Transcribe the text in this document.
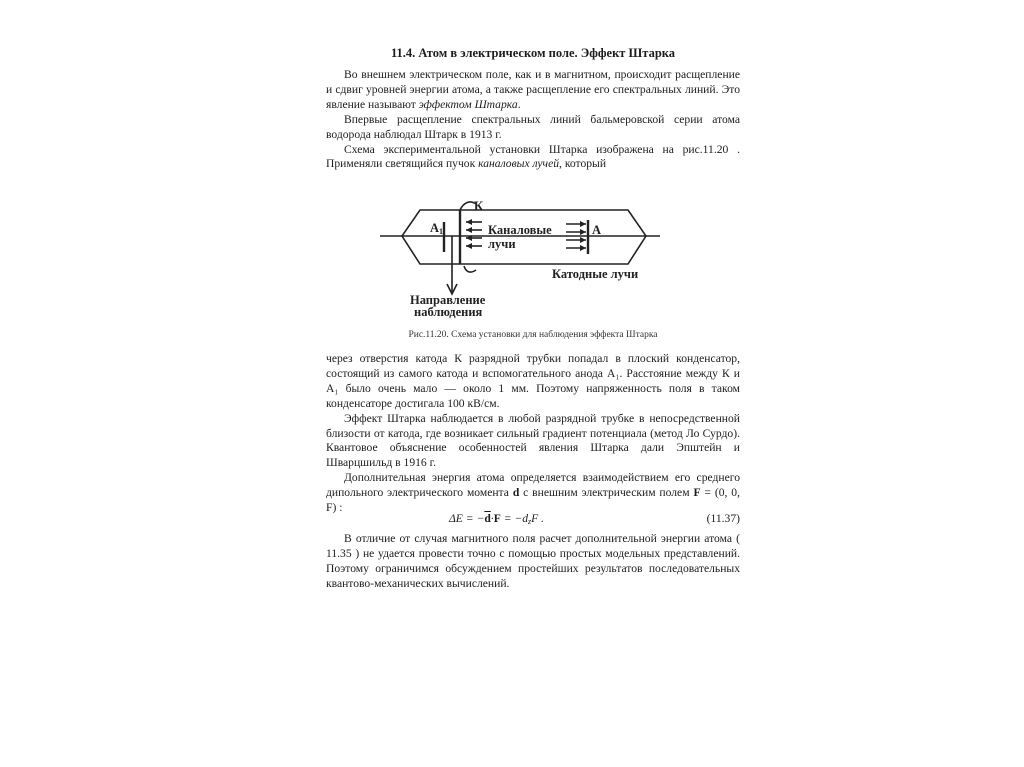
11.4. Атом в электрическом поле. Эффект Штарка

Во внешнем электрическом поле, как и в магнитном, происходит расщепление и сдвиг уровней энергии атома, а также расщепление его спектральных линий. Это явление называют эффектом Штарка.

Впервые расщепление спектральных линий бальмеровской серии атома водорода наблюдал Штарк в 1913 г.

Схема экспериментальной установки Штарка изображена на рис.11.20 . Применяли светящийся пучок каналовых лучей, который

К
$A_1$	Каналовые
лучи
A
Катодные лучи
Направление
наблюдения
Рис.11.20. Схема установки для наблюдения эффекта Штарка

через отверстия катода К разрядной трубки попадал в плоский конденсатор, состоящий из самого катода и вспомогательного анода A₁. Расстояние между К и A₁ было очень мало — около 1 мм. Поэтому напряженность поля в таком конденсаторе достигала 100 кВ/см.

Эффект Штарка наблюдается в любой разрядной трубке в непосредственной близости от катода, где возникает сильный градиент потенциала (метод Ло Сурдо). Квантовое объяснение особенностей явления Штарка дали Эпштейн и Шварцшильд в 1916 г.

Дополнительная энергия атома определяется взаимодействием его среднего дипольного электрического момента d с внешним электрическим полем F = (0, 0, F) :

$\Delta E = -\overline{d}\cdot F = -d_zF$ .	(11.37)

В отличие от случая магнитного поля расчет дополнительной энергии атома ( 11.35 ) не удается провести точно с помощью простых модельных представлений. Поэтому ограничимся обсуждением простейших результатов последовательных квантово-механических вычислений.
